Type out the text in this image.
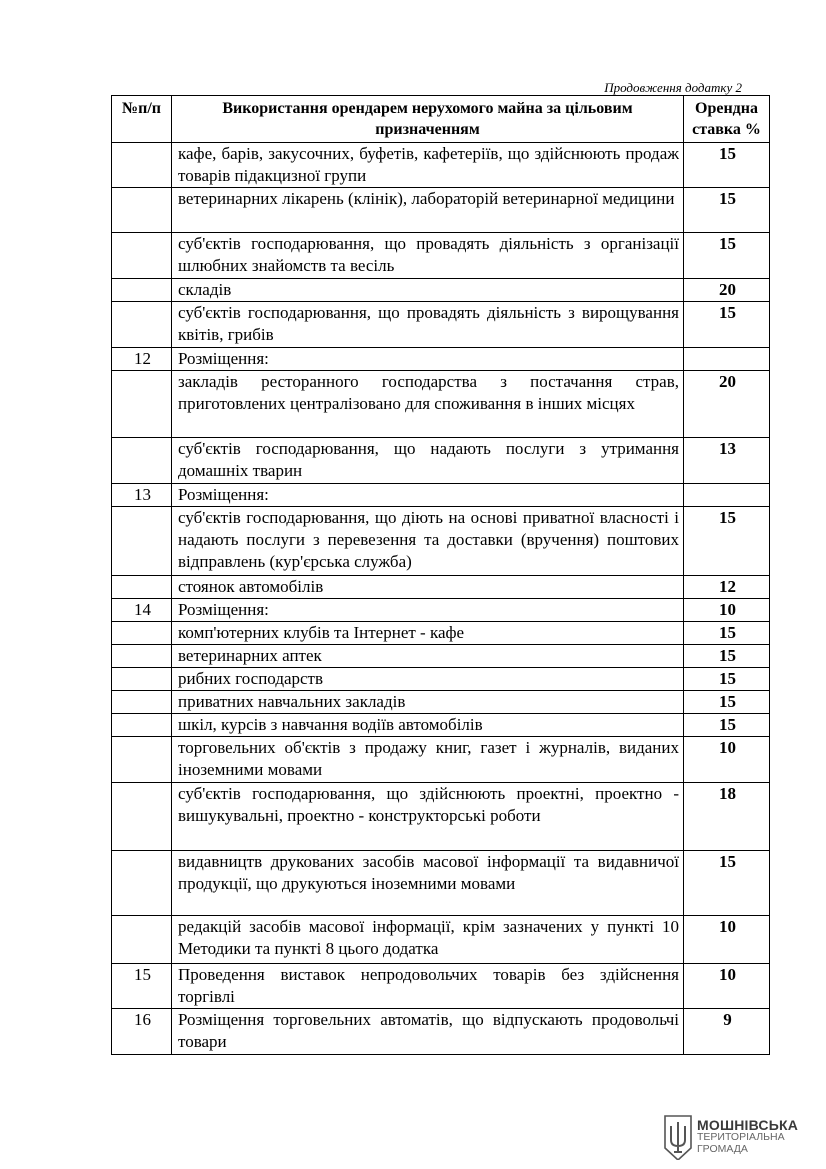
Продовження додатку 2
№п/п	Використання орендарем нерухомого майна за цільовим призначенням	Орендна ставка %
	кафе, барів, закусочних, буфетів, кафетеріїв, що здійснюють продаж товарів підакцизної групи	15
	ветеринарних лікарень (клінік), лабораторій ветеринарної медицини	15
	суб'єктів господарювання, що провадять діяльність з організації шлюбних знайомств та весіль	15
	складів	20
	суб'єктів господарювання, що провадять діяльність з вирощування квітів, грибів	15
12	Розміщення:	
	закладів ресторанного господарства з постачання страв, приготовлених централізовано для споживання в інших місцях	20
	суб'єктів господарювання, що надають послуги з утримання домашніх тварин	13
13	Розміщення:	
	суб'єктів господарювання, що діють на основі приватної власності і надають послуги з перевезення та доставки (вручення) поштових відправлень (кур'єрська служба)	15
	стоянок автомобілів	12
14	Розміщення:	10
	комп'ютерних клубів та Інтернет - кафе	15
	ветеринарних аптек	15
	рибних господарств	15
	приватних навчальних закладів	15
	шкіл, курсів з навчання водіїв автомобілів	15
	торговельних об'єктів з продажу книг, газет і журналів, виданих іноземними мовами	10
	суб'єктів господарювання, що здійснюють проектні, проектно - вишукувальні, проектно - конструкторські роботи	18
	видавництв друкованих засобів масової інформації та видавничої продукції, що друкуються іноземними мовами	15
	редакцій засобів масової інформації, крім зазначених у пункті 10 Методики та пункті 8 цього додатка	10
15	Проведення виставок непродовольчих товарів без здійснення торгівлі	10
16	Розміщення торговельних автоматів, що відпускають продовольчі товари	9
МОШНІВСЬКА
ТЕРИТОРІАЛЬНА
ГРОМАДА
